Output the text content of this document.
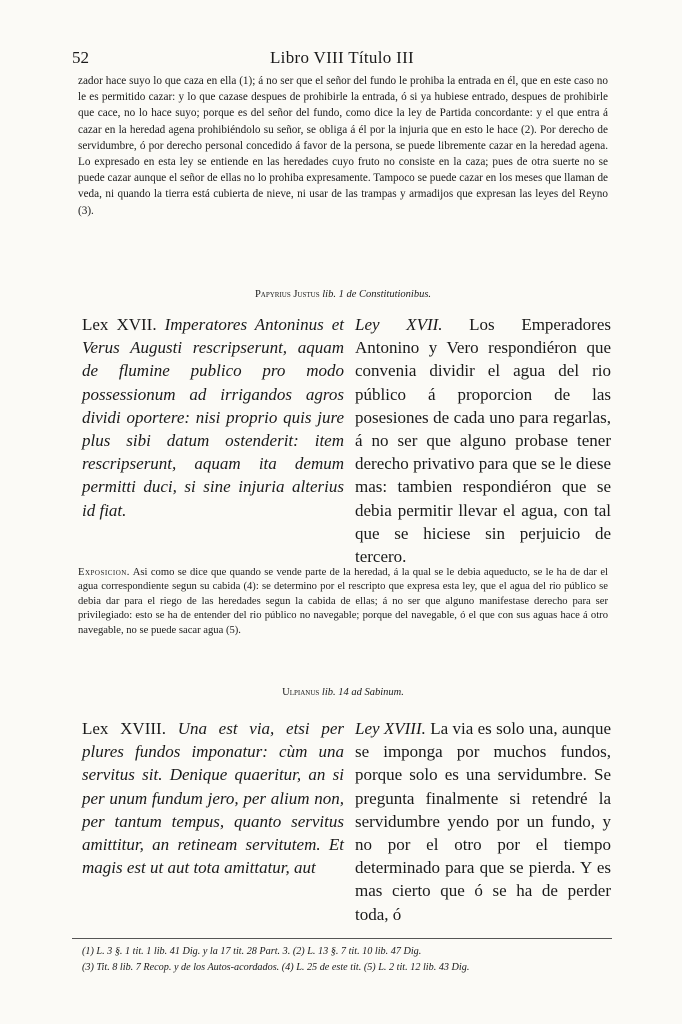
52	Libro VIII Título III
zador hace suyo lo que caza en ella (1); á no ser que el señor del fundo le prohiba la entrada en él, que en este caso no le es permitido cazar: y lo que cazase despues de prohibirle la entrada, ó si ya hubiese entrado, despues de prohibirle que cace, no lo hace suyo; porque es del señor del fundo, como dice la ley de Partida concordante: y el que entra á cazar en la heredad agena prohibiéndolo su señor, se obliga á él por la injuria que en esto le hace (2). Por derecho de servidumbre, ó por derecho personal concedido á favor de la persona, se puede libremente cazar en la heredad agena. Lo expresado en esta ley se entiende en las heredades cuyo fruto no consiste en la caza; pues de otra suerte no se puede cazar aunque el señor de ellas no lo prohiba expresamente. Tampoco se puede cazar en los meses que llaman de veda, ni quando la tierra está cubierta de nieve, ni usar de las trampas y armadijos que expresan las leyes del Reyno (3).
Papyrius Justus lib. 1 de Constitutionibus.
Lex XVII. Imperatores Antoninus et Verus Augusti rescripserunt, aquam de flumine publico pro modo possessionum ad irrigandos agros dividi oportere: nisi proprio quis jure plus sibi datum ostenderit: item rescripserunt, aquam ita demum permitti duci, si sine injuria alterius id fiat.
Ley XVII. Los Emperadores Antonino y Vero respondiéron que convenia dividir el agua del rio público á proporcion de las posesiones de cada uno para regarlas, á no ser que alguno probase tener derecho privativo para que se le diese mas: tambien respondiéron que se debia permitir llevar el agua, con tal que se hiciese sin perjuicio de tercero.
Exposicion. Asi como se dice que quando se vende parte de la heredad, á la qual se le debia aqueducto, se le ha de dar el agua correspondiente segun su cabida (4): se determino por el rescripto que expresa esta ley, que el agua del rio público se debia dar para el riego de las heredades segun la cabida de ellas; á no ser que alguno manifestase derecho para ser privilegiado: esto se ha de entender del rio público no navegable; porque del navegable, ó el que con sus aguas hace á otro navegable, no se puede sacar agua (5).
Ulpianus lib. 14 ad Sabinum.
Lex XVIII. Una est via, etsi per plures fundos imponatur: cùm una servitus sit. Denique quaeritur, an si per unum fundum jero, per alium non, per tantum tempus, quanto servitus amittitur, an retineam servitutem. Et magis est ut aut tota amittatur, aut
Ley XVIII. La via es solo una, aunque se imponga por muchos fundos, porque solo es una servidumbre. Se pregunta finalmente si retendré la servidumbre yendo por un fundo, y no por el otro por el tiempo determinado para que se pierda. Y es mas cierto que ó se ha de perder toda, ó
(1) L. 3 §. 1 tit. 1 lib. 41 Dig. y la 17 tit. 28 Part. 3. (2) L. 13 §. 7 tit. 10 lib. 47 Dig.
(3) Tit. 8 lib. 7 Recop. y de los Autos-acordados. (4) L. 25 de este tit. (5) L. 2 tit. 12 lib. 43 Dig.
